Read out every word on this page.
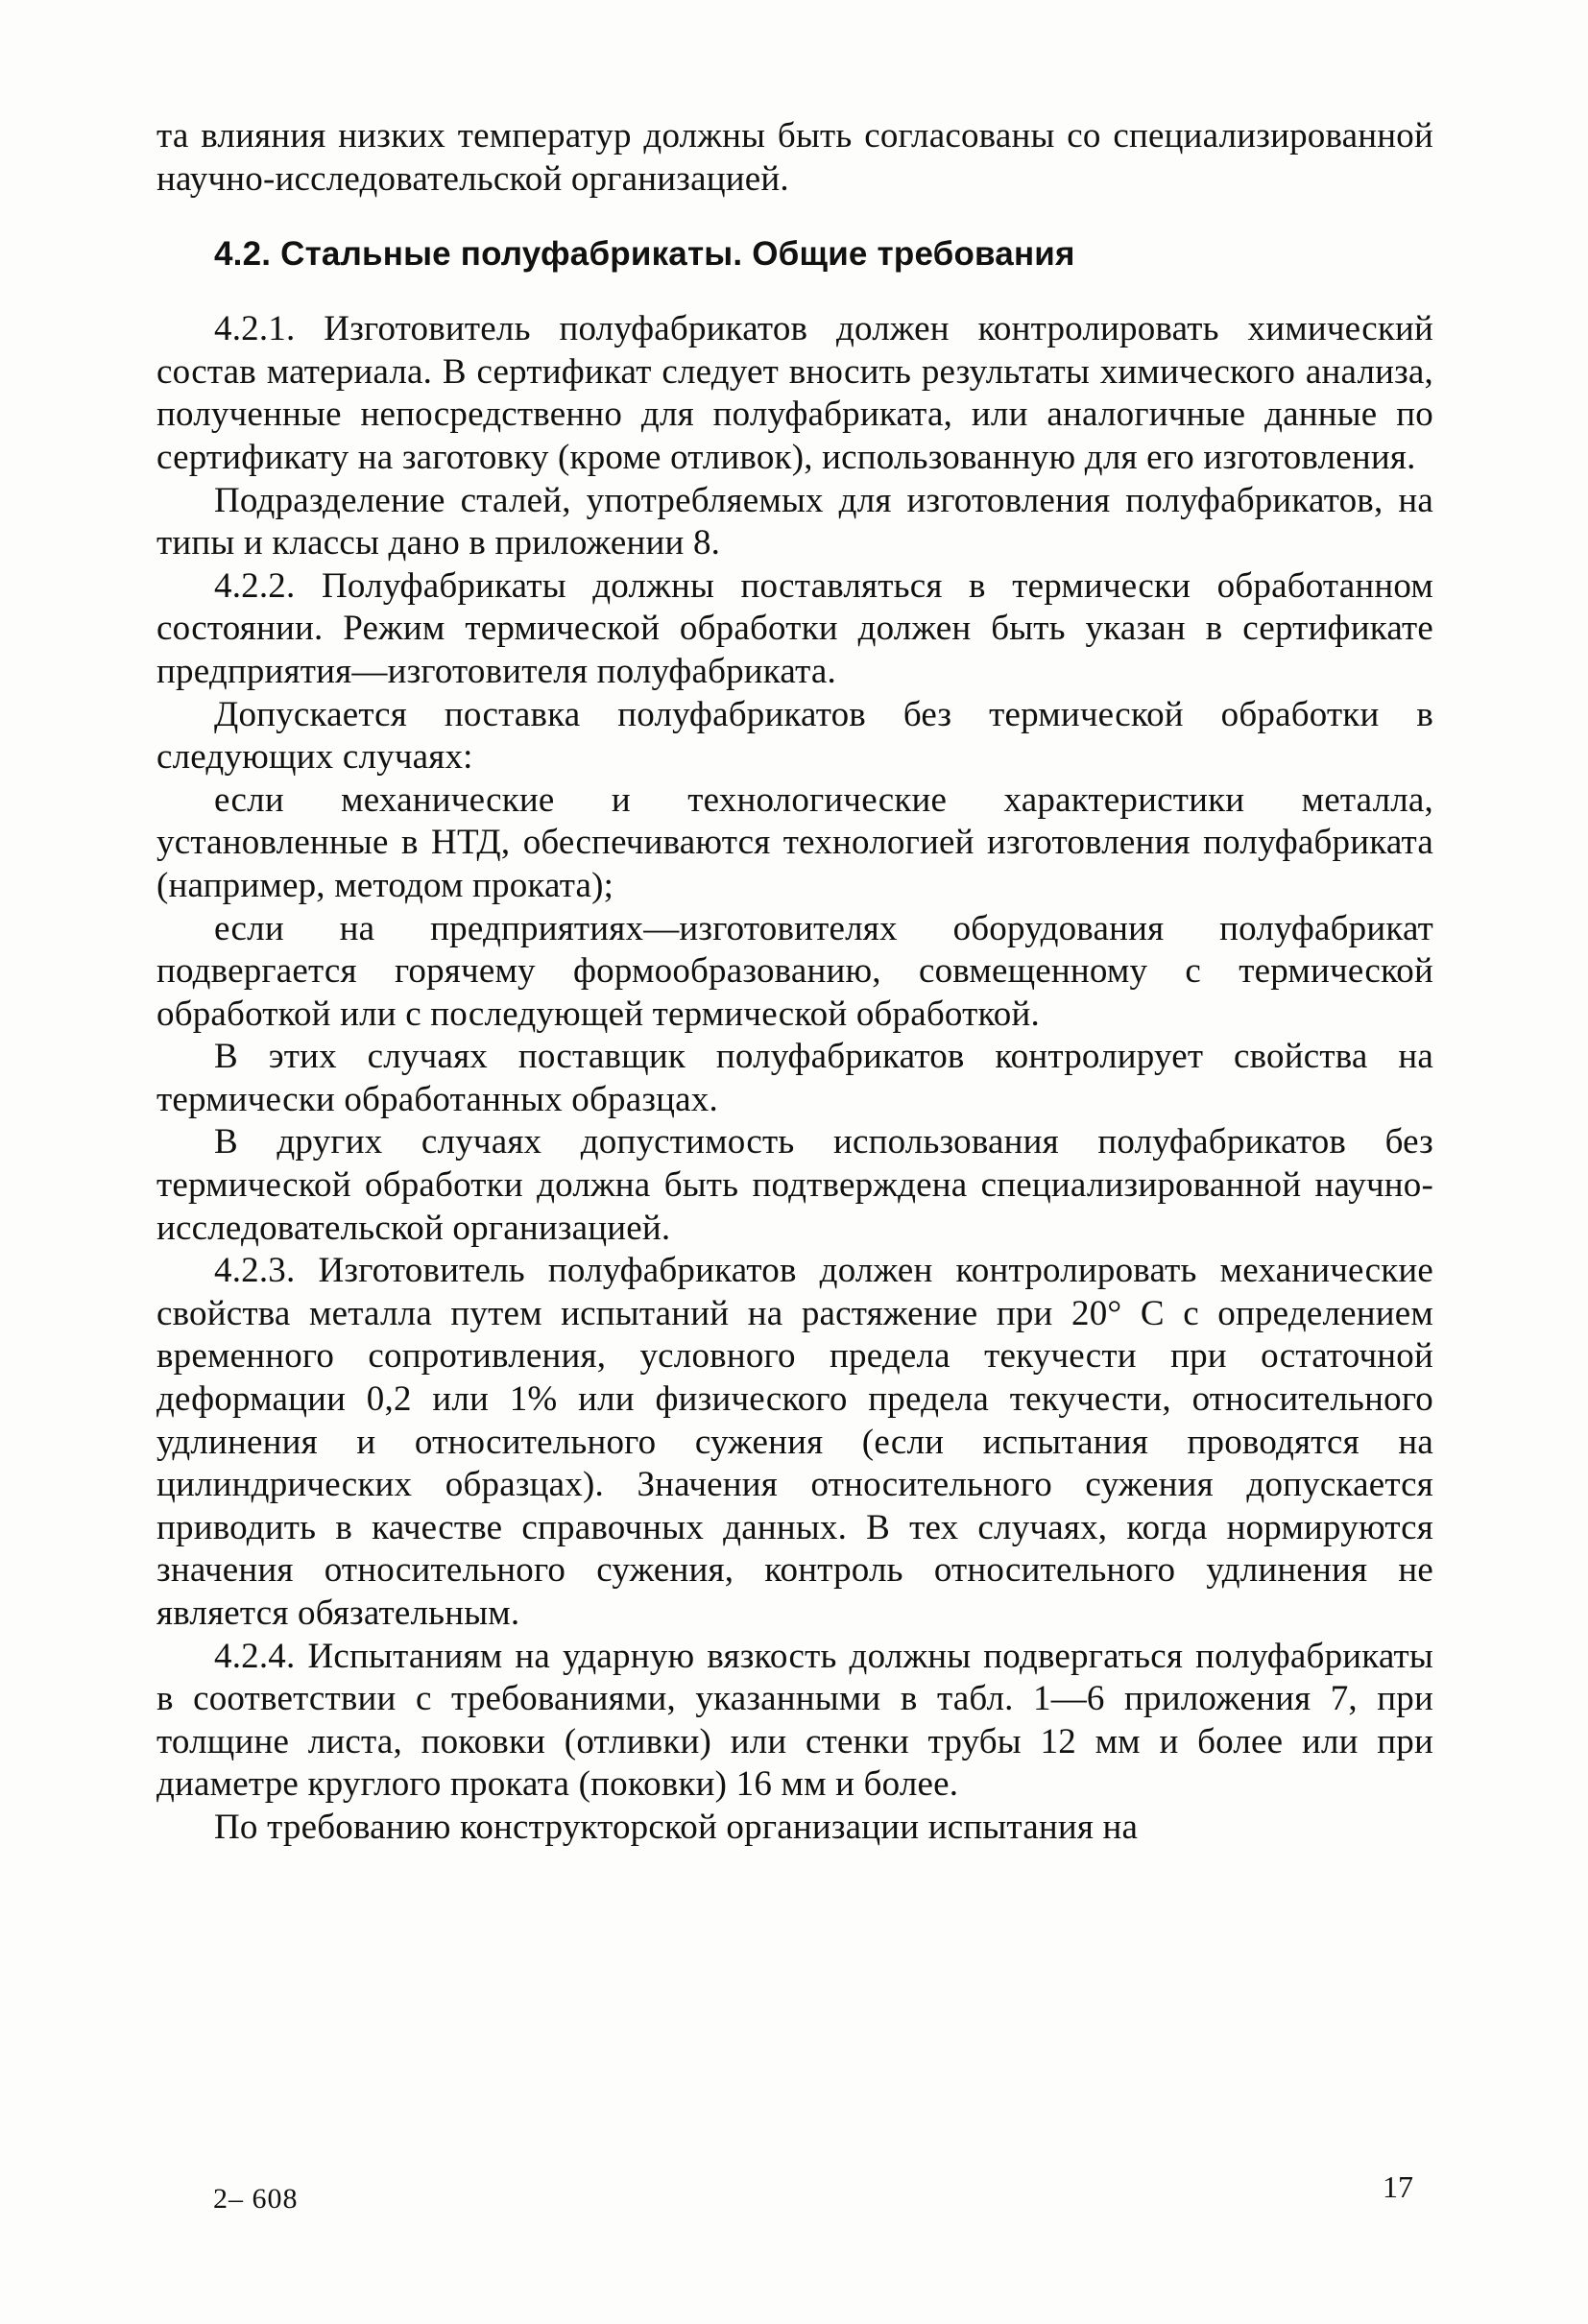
та влияния низких температур должны быть согласованы со специализированной научно-исследовательской организацией.

4.2. Стальные полуфабрикаты. Общие требования

4.2.1. Изготовитель полуфабрикатов должен контролировать химический состав материала. В сертификат следует вносить результаты химического анализа, полученные непосредственно для полуфабриката, или аналогичные данные по сертификату на заготовку (кроме отливок), использованную для его изготовления.

Подразделение сталей, употребляемых для изготовления полуфабрикатов, на типы и классы дано в приложении 8.

4.2.2. Полуфабрикаты должны поставляться в термически обработанном состоянии. Режим термической обработки должен быть указан в сертификате предприятия—изготовителя полуфабриката.

Допускается поставка полуфабрикатов без термической обработки в следующих случаях:

если механические и технологические характеристики металла, установленные в НТД, обеспечиваются технологией изготовления полуфабриката (например, методом проката);

если на предприятиях—изготовителях оборудования полуфабрикат подвергается горячему формообразованию, совмещенному с термической обработкой или с последующей термической обработкой.

В этих случаях поставщик полуфабрикатов контролирует свойства на термически обработанных образцах.

В других случаях допустимость использования полуфабрикатов без термической обработки должна быть подтверждена специализированной научно-исследовательской организацией.

4.2.3. Изготовитель полуфабрикатов должен контролировать механические свойства металла путем испытаний на растяжение при 20° С с определением временного сопротивления, условного предела текучести при остаточной деформации 0,2 или 1% или физического предела текучести, относительного удлинения и относительного сужения (если испытания проводятся на цилиндрических образцах). Значения относительного сужения допускается приводить в качестве справочных данных. В тех случаях, когда нормируются значения относительного сужения, контроль относительного удлинения не является обязательным.

4.2.4. Испытаниям на ударную вязкость должны подвергаться полуфабрикаты в соответствии с требованиями, указанными в табл. 1—6 приложения 7, при толщине листа, поковки (отливки) или стенки трубы 12 мм и более или при диаметре круглого проката (поковки) 16 мм и более.

По требованию конструкторской организации испытания на

2– 608	17
